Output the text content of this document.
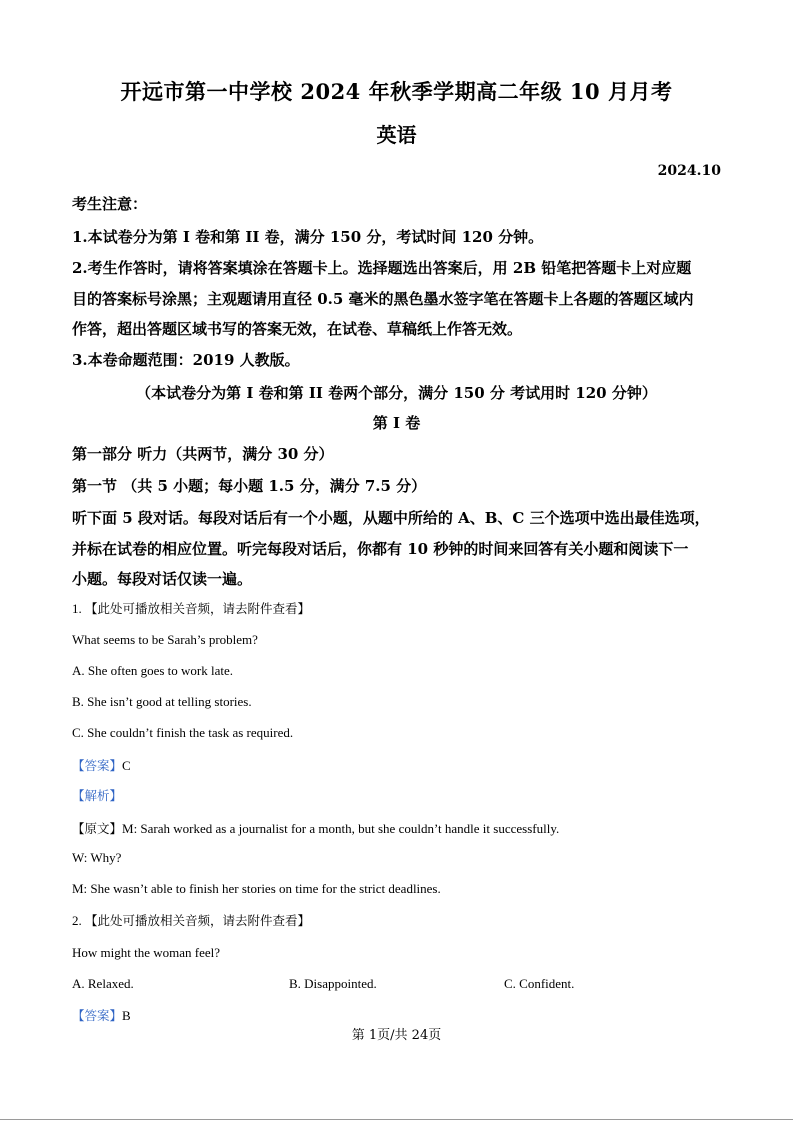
开远市第一中学校 2024 年秋季学期高二年级 10 月月考
英语
2024.10
考生注意：
1.本试卷分为第 I 卷和第 II 卷，满分 150 分，考试时间 120 分钟。
2.考生作答时，请将答案填涂在答题卡上。选择题选出答案后，用 2B 铅笔把答题卡上对应题
目的答案标号涂黑；主观题请用直径 0.5 毫米的黑色墨水签字笔在答题卡上各题的答题区域内
作答，超出答题区域书写的答案无效，在试卷、草稿纸上作答无效。
3.本卷命题范围：2019 人教版。
（本试卷分为第 I 卷和第 II 卷两个部分，满分 150 分 考试用时 120 分钟）
第 I 卷
第一部分 听力（共两节，满分 30 分）
第一节 （共 5 小题；每小题 1.5 分，满分 7.5 分）
听下面 5 段对话。每段对话后有一个小题，从题中所给的 A、B、C 三个选项中选出最佳选项，
并标在试卷的相应位置。听完每段对话后，你都有 10 秒钟的时间来回答有关小题和阅读下一
小题。每段对话仅读一遍。
1. 【此处可播放相关音频，请去附件查看】
What seems to be Sarah’s problem?
A. She often goes to work late.
B. She isn’t good at telling stories.
C. She couldn’t finish the task as required.
【答案】C
【解析】
【原文】M: Sarah worked as a journalist for a month, but she couldn’t handle it successfully.
W: Why?
M: She wasn’t able to finish her stories on time for the strict deadlines.
2. 【此处可播放相关音频，请去附件查看】
How might the woman feel?
A. Relaxed.	B. Disappointed.	C. Confident.
【答案】B
第 1页/共 24页
